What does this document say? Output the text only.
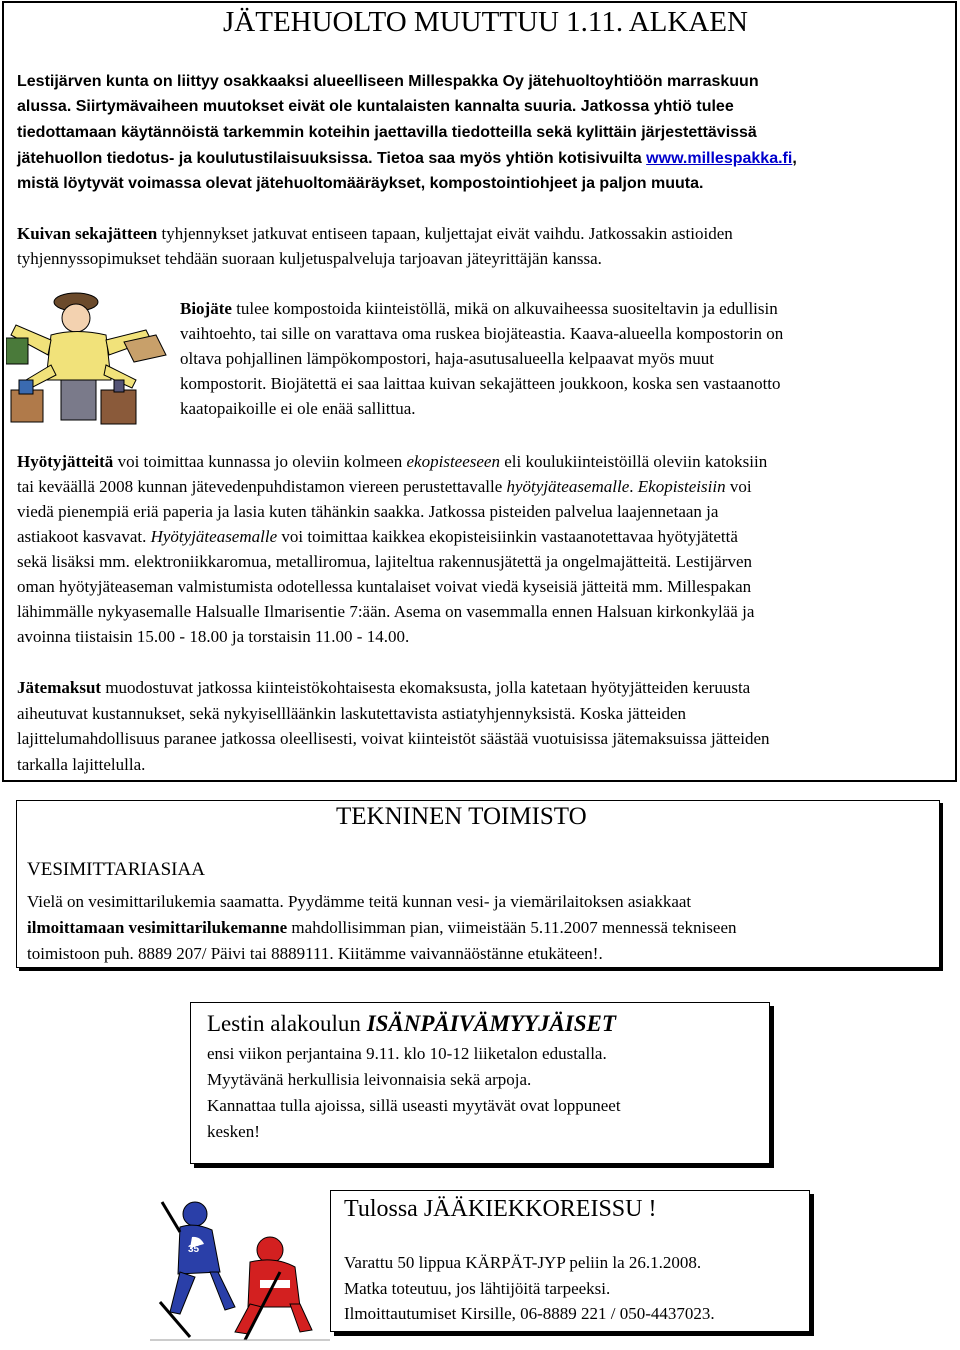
JÄTEHUOLTO MUUTTUU 1.11. ALKAEN
Lestijärven kunta on liittyy osakkaaksi alueelliseen Millespakka Oy jätehuoltoyhtiöön marraskuun
alussa. Siirtymävaiheen muutokset eivät ole kuntalaisten kannalta suuria. Jatkossa yhtiö tulee
tiedottamaan käytännöistä tarkemmin koteihin jaettavilla tiedotteilla sekä kylittäin järjestettävissä
jätehuollon tiedotus- ja koulutustilaisuuksissa. Tietoa saa myös yhtiön kotisivuilta www.millespakka.fi,
mistä löytyvät voimassa olevat jätehuoltomääräykset, kompostointiohjeet ja paljon muuta.
Kuivan sekajätteen tyhjennykset jatkuvat entiseen tapaan, kuljettajat eivät vaihdu. Jatkossakin astioiden
tyhjennyssopimukset tehdään suoraan kuljetuspalveluja tarjoavan jäteyrittäjän kanssa.
Biojäte tulee kompostoida kiinteistöllä, mikä on alkuvaiheessa suositeltavin ja edullisin
vaihtoehto, tai sille on varattava oma ruskea biojäteastia. Kaava-alueella kompostorin on
oltava pohjallinen lämpökompostori, haja-asutusalueella kelpaavat myös muut
kompostorit. Biojätettä ei saa laittaa kuivan sekajätteen joukkoon, koska sen vastaanotto
kaatopaikoille ei ole enää sallittua.
Hyötyjätteitä voi toimittaa kunnassa jo oleviin kolmeen ekopisteeseen eli koulukiinteistöillä oleviin katoksiin
tai keväällä 2008 kunnan jätevedenpuhdistamon viereen perustettavalle hyötyjäteasemalle. Ekopisteisiin voi
viedä pienempiä eriä paperia ja lasia kuten tähänkin saakka. Jatkossa pisteiden palvelua laajennetaan ja
astiakoot kasvavat. Hyötyjäteasemalle voi toimittaa kaikkea ekopisteisiinkin vastaanotettavaa hyötyjätettä
sekä lisäksi mm. elektroniikkaromua, metalliromua, lajiteltua rakennusjätettä ja ongelmajätteitä. Lestijärven
oman hyötyjäteaseman valmistumista odotellessa kuntalaiset voivat viedä kyseisiä jätteitä mm. Millespakan
lähimmälle nykyasemalle Halsualle Ilmarisentie 7:ään. Asema on vasemmalla ennen Halsuan kirkonkylää ja
avoinna tiistaisin 15.00 - 18.00 ja torstaisin 11.00 - 14.00.
Jätemaksut muodostuvat jatkossa kiinteistökohtaisesta ekomaksusta, jolla katetaan hyötyjätteiden keruusta
aiheutuvat kustannukset, sekä nykyisellläänkin laskutettavista astiatyhjennyksistä. Koska jätteiden
lajittelumahdollisuus paranee jatkossa oleellisesti, voivat kiinteistöt säästää vuotuisissa jätemaksuissa jätteiden
tarkalla lajittelulla.
TEKNINEN TOIMISTO
VESIMITTARIASIAA
Vielä on vesimittarilukemia saamatta. Pyydämme teitä kunnan vesi- ja viemärilaitoksen asiakkaat
ilmoittamaan vesimittarilukemanne mahdollisimman pian, viimeistään 5.11.2007 mennessä tekniseen
toimistoon puh. 8889 207/ Päivi tai 8889111. Kiitämme vaivannäöstänne etukäteen!.
Lestin alakoulun ISÄNPÄIVÄMYYJÄISET
ensi viikon perjantaina 9.11. klo 10-12 liiketalon edustalla.
Myytävänä herkullisia leivonnaisia sekä arpoja.
Kannattaa tulla ajoissa, sillä useasti myytävät ovat loppuneet
kesken!
35
Tulossa JÄÄKIEKKOREISSU !
Varattu 50 lippua KÄRPÄT-JYP peliin la 26.1.2008.
Matka toteutuu, jos lähtijöitä tarpeeksi.
Ilmoittautumiset Kirsille, 06-8889 221 / 050-4437023.
